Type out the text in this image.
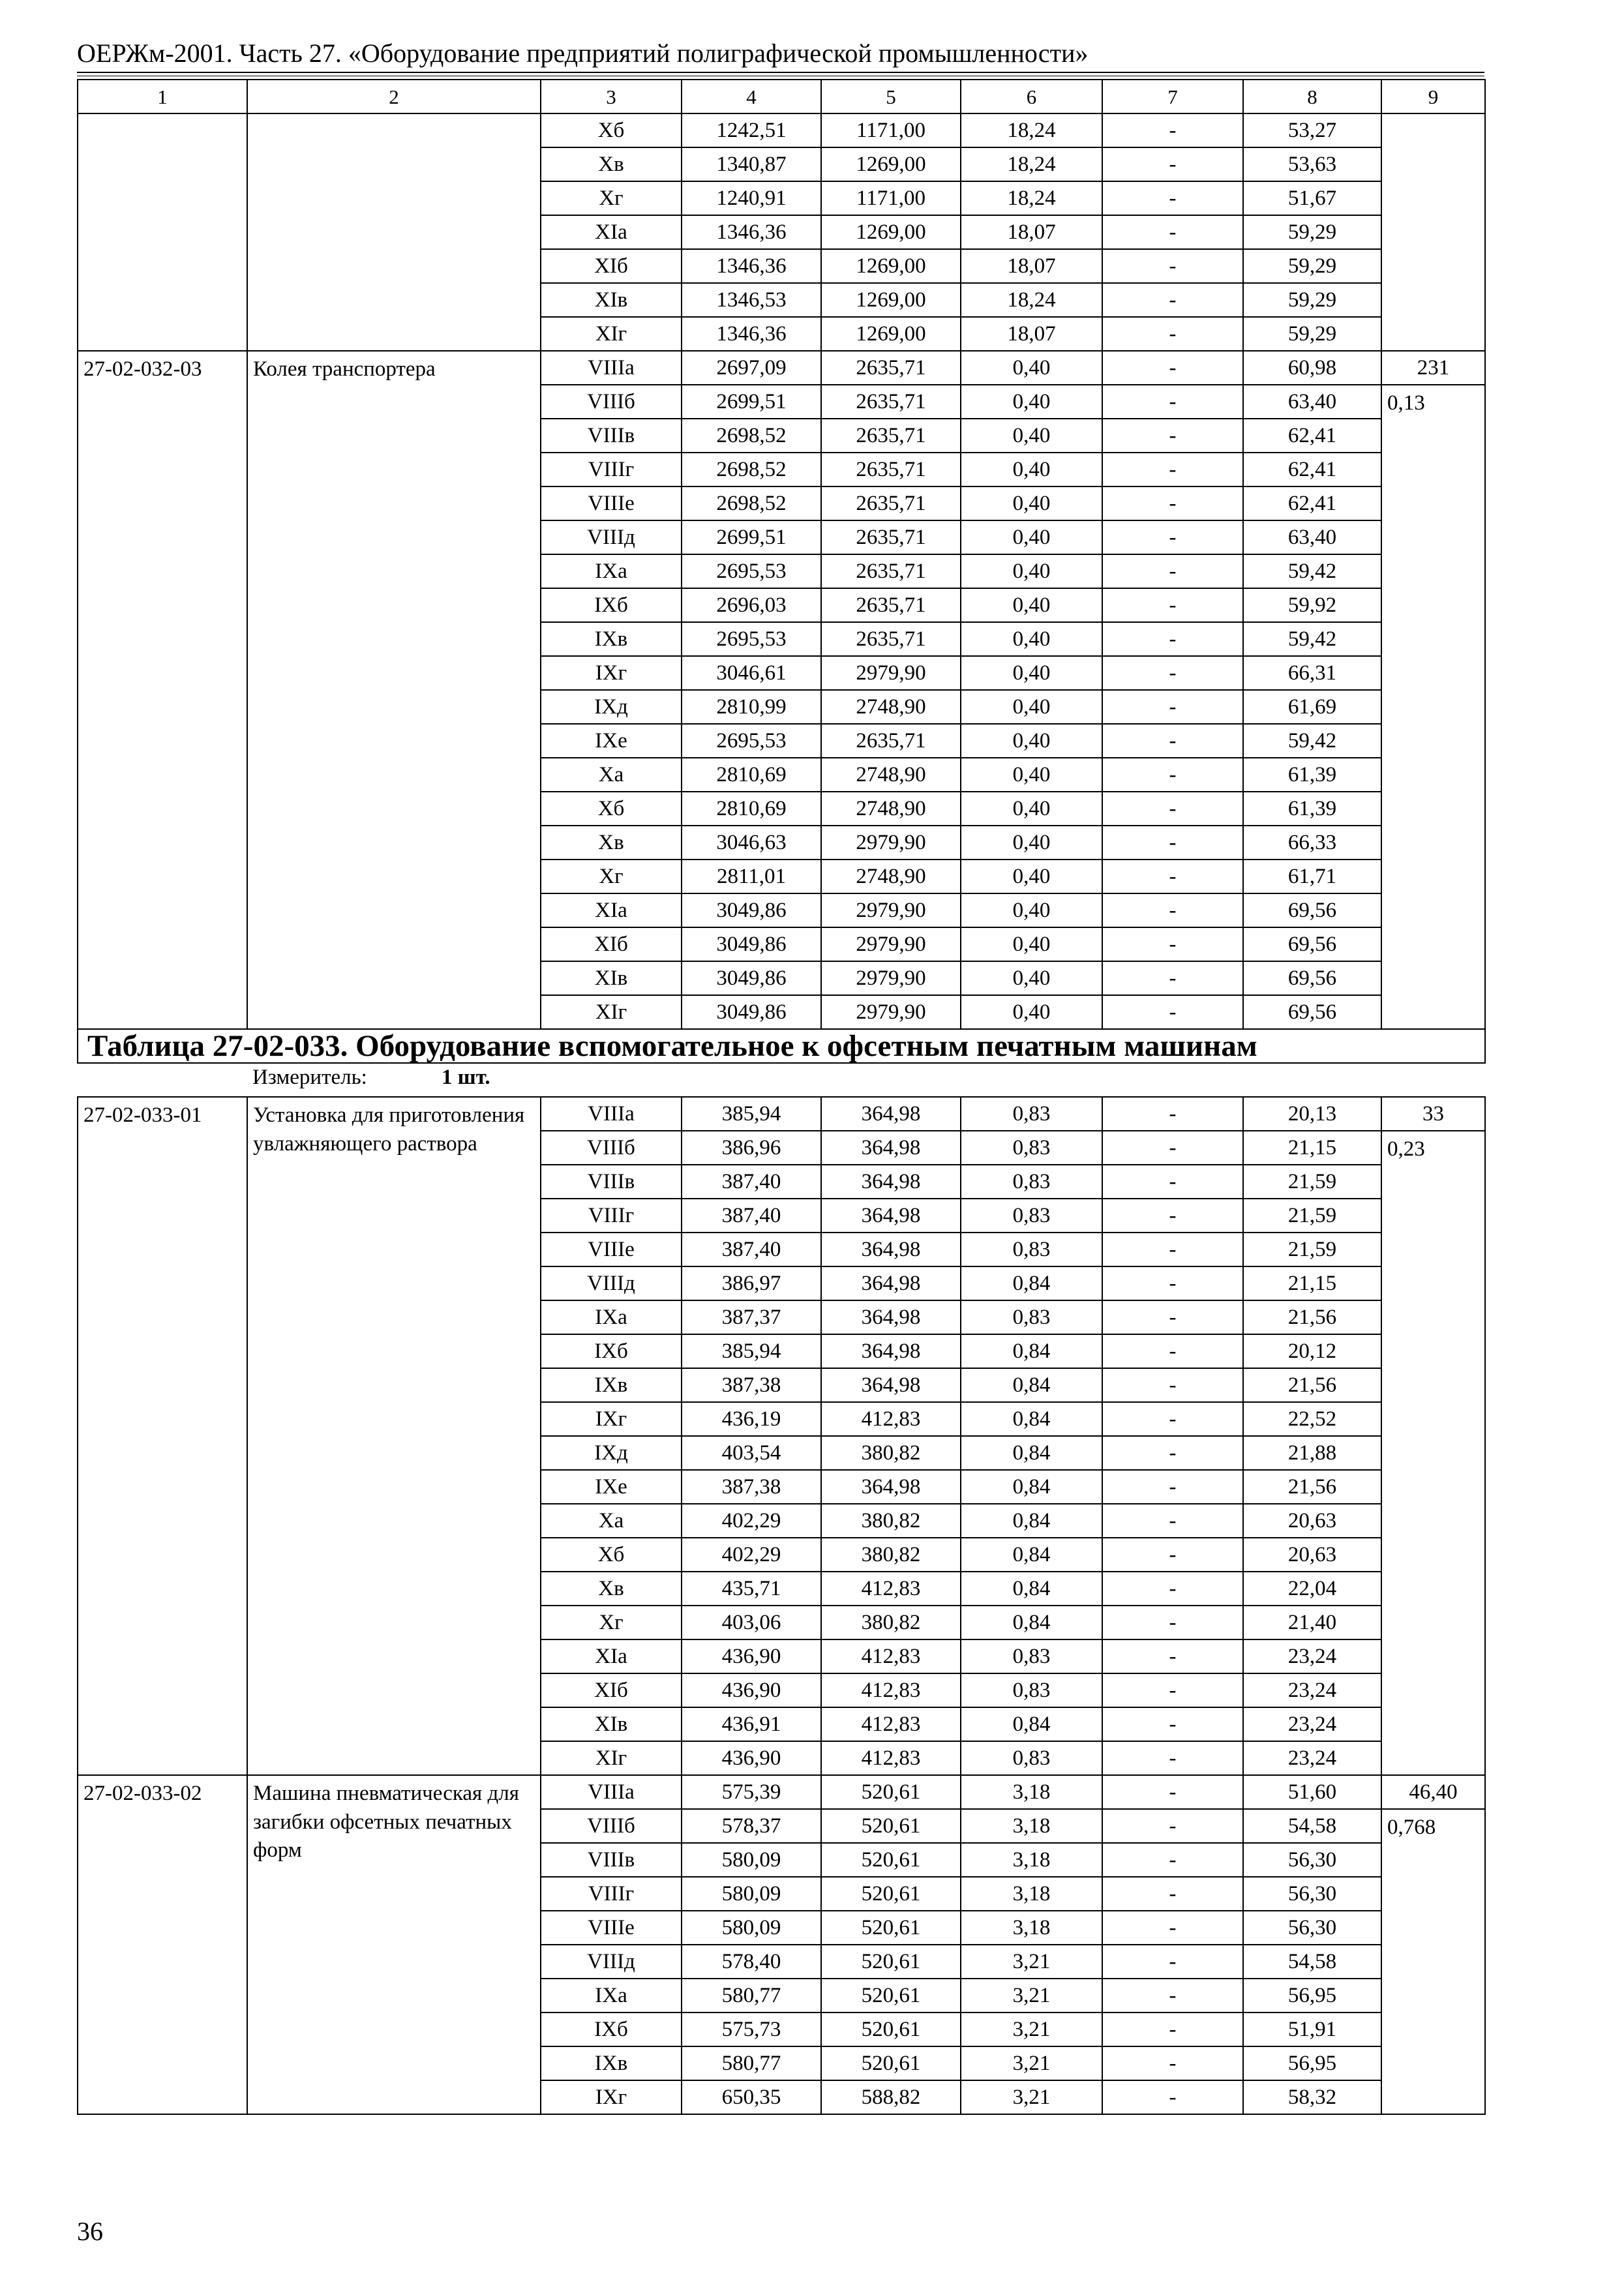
ОЕРЖм-2001. Часть 27. «Оборудование предприятий полиграфической промышленности»
1	2	3	4	5	6	7	8	9
		Xб	1242,51	1171,00	18,24	-	53,27	
		Xв	1340,87	1269,00	18,24	-	53,63	
		Xг	1240,91	1171,00	18,24	-	51,67	
		XIа	1346,36	1269,00	18,07	-	59,29	
		XIб	1346,36	1269,00	18,07	-	59,29	
		XIв	1346,53	1269,00	18,24	-	59,29	
		XIг	1346,36	1269,00	18,07	-	59,29	
27-02-032-03	Колея транспортера	VIIIа	2697,09	2635,71	0,40	-	60,98	231
		VIIIб	2699,51	2635,71	0,40	-	63,40	0,13
		VIIIв	2698,52	2635,71	0,40	-	62,41	
		VIIIг	2698,52	2635,71	0,40	-	62,41	
		VIIIе	2698,52	2635,71	0,40	-	62,41	
		VIIIд	2699,51	2635,71	0,40	-	63,40	
		IXа	2695,53	2635,71	0,40	-	59,42	
		IXб	2696,03	2635,71	0,40	-	59,92	
		IXв	2695,53	2635,71	0,40	-	59,42	
		IXг	3046,61	2979,90	0,40	-	66,31	
		IXд	2810,99	2748,90	0,40	-	61,69	
		IXе	2695,53	2635,71	0,40	-	59,42	
		Xа	2810,69	2748,90	0,40	-	61,39	
		Xб	2810,69	2748,90	0,40	-	61,39	
		Xв	3046,63	2979,90	0,40	-	66,33	
		Xг	2811,01	2748,90	0,40	-	61,71	
		XIа	3049,86	2979,90	0,40	-	69,56	
		XIб	3049,86	2979,90	0,40	-	69,56	
		XIв	3049,86	2979,90	0,40	-	69,56	
		XIг	3049,86	2979,90	0,40	-	69,56	
Таблица 27-02-033. Оборудование вспомогательное к офсетным печатным машинам								
	Измеритель: 1 шт.							
27-02-033-01	Установка для приготовления увлажняющего раствора	VIIIа	385,94	364,98	0,83	-	20,13	33
		VIIIб	386,96	364,98	0,83	-	21,15	0,23
		VIIIв	387,40	364,98	0,83	-	21,59	
		VIIIг	387,40	364,98	0,83	-	21,59	
		VIIIе	387,40	364,98	0,83	-	21,59	
		VIIIд	386,97	364,98	0,84	-	21,15	
		IXа	387,37	364,98	0,83	-	21,56	
		IXб	385,94	364,98	0,84	-	20,12	
		IXв	387,38	364,98	0,84	-	21,56	
		IXг	436,19	412,83	0,84	-	22,52	
		IXд	403,54	380,82	0,84	-	21,88	
		IXе	387,38	364,98	0,84	-	21,56	
		Xа	402,29	380,82	0,84	-	20,63	
		Xб	402,29	380,82	0,84	-	20,63	
		Xв	435,71	412,83	0,84	-	22,04	
		Xг	403,06	380,82	0,84	-	21,40	
		XIа	436,90	412,83	0,83	-	23,24	
		XIб	436,90	412,83	0,83	-	23,24	
		XIв	436,91	412,83	0,84	-	23,24	
		XIг	436,90	412,83	0,83	-	23,24	
27-02-033-02	Машина пневматическая для загибки офсетных печатных форм	VIIIа	575,39	520,61	3,18	-	51,60	46,40
		VIIIб	578,37	520,61	3,18	-	54,58	0,768
		VIIIв	580,09	520,61	3,18	-	56,30	
		VIIIг	580,09	520,61	3,18	-	56,30	
		VIIIе	580,09	520,61	3,18	-	56,30	
		VIIIд	578,40	520,61	3,21	-	54,58	
		IXа	580,77	520,61	3,21	-	56,95	
		IXб	575,73	520,61	3,21	-	51,91	
		IXв	580,77	520,61	3,21	-	56,95	
		IXг	650,35	588,82	3,21	-	58,32	
36
